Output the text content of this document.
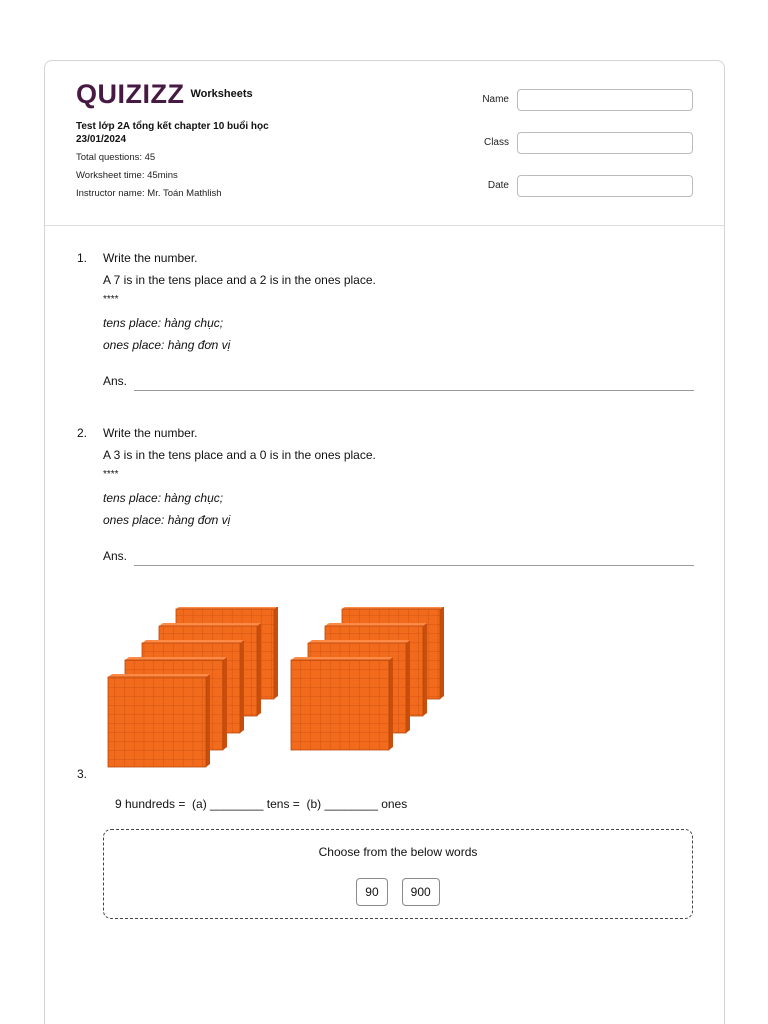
QUIZIZZ Worksheets
Test lớp 2A tổng kết chapter 10 buổi học 23/01/2024
Total questions: 45
Worksheet time: 45mins
Instructor name: Mr. Toán Mathlish
Name
Class
Date
1. Write the number.
A 7 is in the tens place and a 2 is in the ones place.
****
tens place: hàng chục;
ones place: hàng đơn vị
Ans.
2. Write the number.
A 3 is in the tens place and a 0 is in the ones place.
****
tens place: hàng chục;
ones place: hàng đơn vị
Ans.
3.
9 hundreds =  (a) ________ tens =  (b) ________ ones
Choose from the below words
90	900
